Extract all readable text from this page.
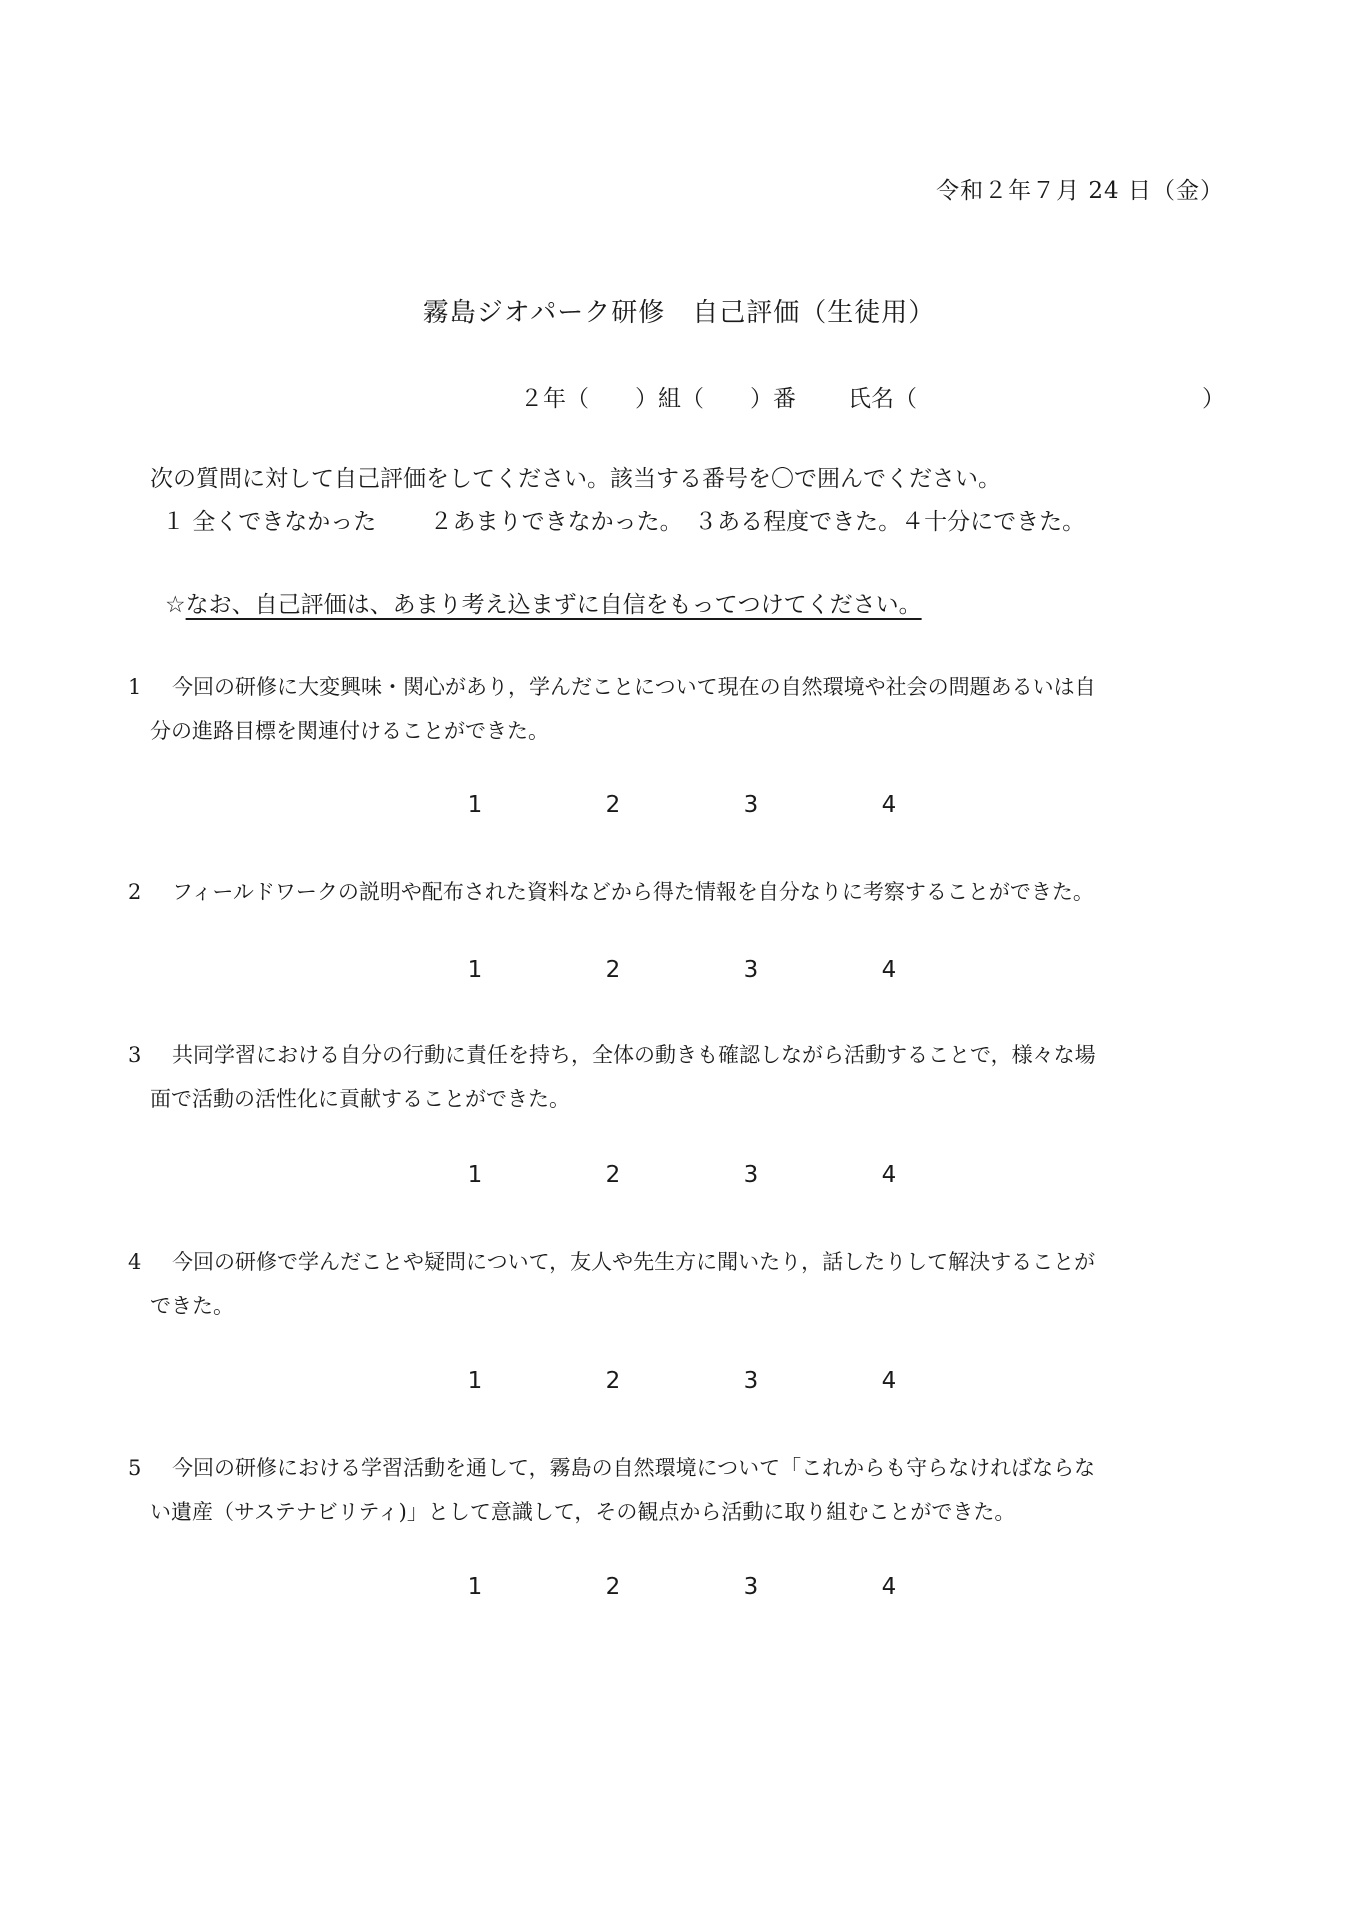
令和２年７月 24 日（金）
霧島ジオパーク研修　自己評価（生徒用）
２年（　　）組（　　）番 氏名（	）
次の質問に対して自己評価をしてください。該当する番号を〇で囲んでください。
１ 全くできなかった　　 ２あまりできなかった。　３ある程度できた。４十分にできた。
☆なお、自己評価は、あまり考え込まずに自信をもってつけてください。
1 今回の研修に大変興味・関心があり，学んだことについて現在の自然環境や社会の問題あるいは自
分の進路目標を関連付けることができた。
1	2	3	4
2 フィールドワークの説明や配布された資料などから得た情報を自分なりに考察することができた。
1	2	3	4
3 共同学習における自分の行動に責任を持ち，全体の動きも確認しながら活動することで，様々な場
面で活動の活性化に貢献することができた。
1	2	3	4
4 今回の研修で学んだことや疑問について，友人や先生方に聞いたり，話したりして解決することが
できた。
1	2	3	4
5 今回の研修における学習活動を通して，霧島の自然環境について「これからも守らなければならな
い遺産（サステナビリティ)」として意識して，その観点から活動に取り組むことができた。
1	2	3	4
